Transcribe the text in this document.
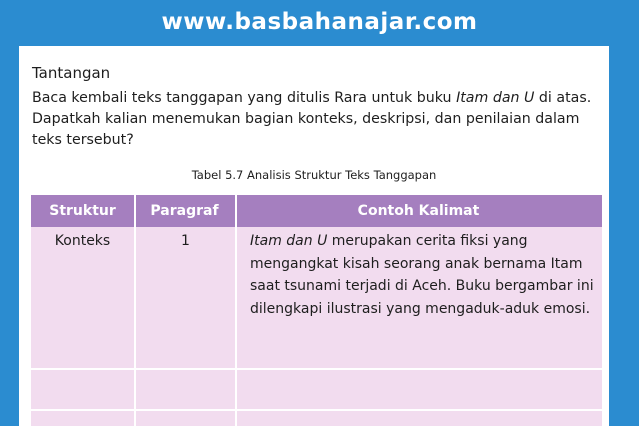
www.basbahanajar.com
Tantangan
Baca kembali teks tanggapan yang ditulis Rara untuk buku Itam dan U di atas. Dapatkah kalian menemukan bagian konteks, deskripsi, dan penilaian dalam teks tersebut?
Tabel 5.7 Analisis Struktur Teks Tanggapan
Struktur	Paragraf	Contoh Kalimat
Konteks	1	Itam dan U merupakan cerita fiksi yang mengangkat kisah seorang anak bernama Itam saat tsunami terjadi di Aceh. Buku bergambar ini dilengkapi ilustrasi yang mengaduk-aduk emosi.
